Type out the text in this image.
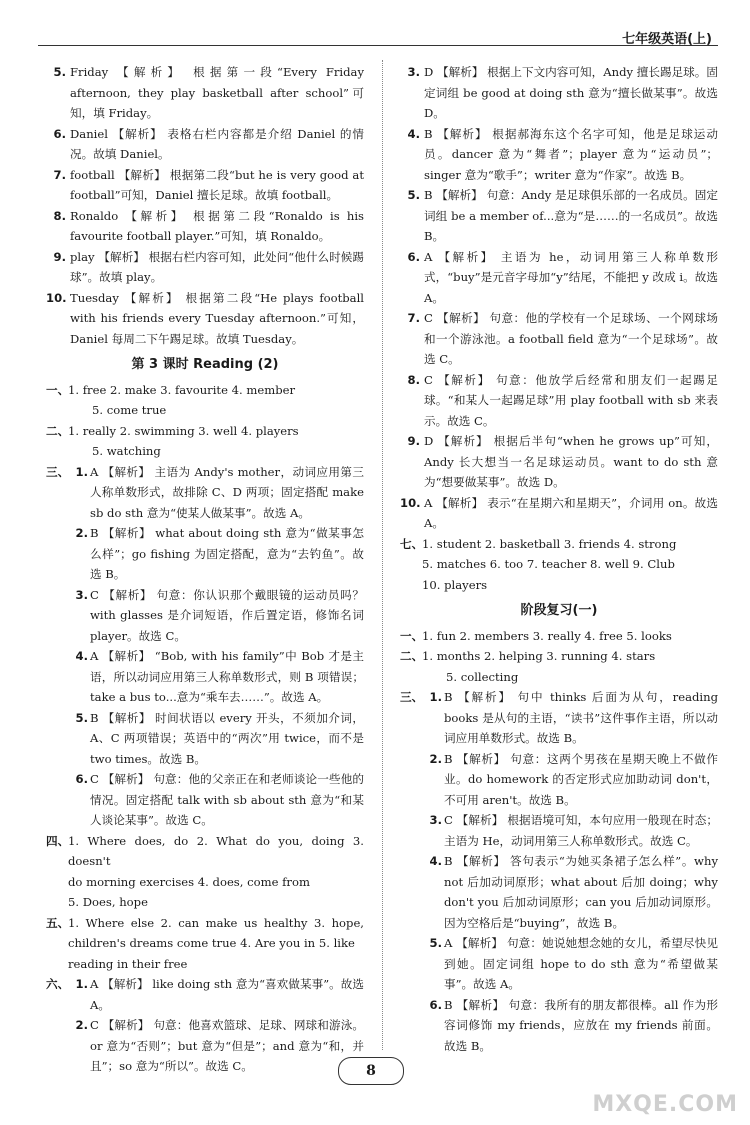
七年级英语(上)
5. Friday 【解析】 根据第一段“Every Friday afternoon, they play basketball after school”可知，填 Friday。
6. Daniel 【解析】 表格右栏内容都是介绍 Daniel 的情况。故填 Daniel。
7. football 【解析】 根据第二段“but he is very good at football”可知，Daniel 擅长足球。故填 football。
8. Ronaldo 【解析】 根据第二段“Ronaldo is his favourite football player.”可知，填 Ronaldo。
9. play 【解析】 根据右栏内容可知，此处问“他什么时候踢球”。故填 play。
10. Tuesday 【解析】 根据第二段“He plays football with his friends every Tuesday afternoon.”可知，Daniel 每周二下午踢足球。故填 Tuesday。
第 3 课时 Reading (2)
一、
1. free 2. make 3. favourite 4. member
5. come true
二、
1. really 2. swimming 3. well 4. players
5. watching
三、 1. A 【解析】 主语为 Andy's mother，动词应用第三人称单数形式，故排除 C、D 两项；固定搭配 make sb do sth 意为“使某人做某事”。故选 A。
2. B 【解析】 what about doing sth 意为“做某事怎么样”；go fishing 为固定搭配，意为“去钓鱼”。故选 B。
3. C 【解析】 句意：你认识那个戴眼镜的运动员吗？with glasses 是介词短语，作后置定语，修饰名词 player。故选 C。
4. A 【解析】 “Bob, with his family”中 Bob 才是主语，所以动词应用第三人称单数形式，则 B 项错误；take a bus to...意为“乘车去……”。故选 A。
5. B 【解析】 时间状语以 every 开头，不须加介词，A、C 两项错误；英语中的“两次”用 twice，而不是 two times。故选 B。
6. C 【解析】 句意：他的父亲正在和老师谈论一些他的情况。固定搭配 talk with sb about sth 意为“和某人谈论某事”。故选 C。
四、
1. Where does, do 2. What do you, doing 3. doesn't
do morning exercises 4. does, come from
5. Does, hope
五、
1. Where else 2. can make us healthy 3. hope, children's dreams come true 4. Are you in 5. like
reading in their free
六、 1. A 【解析】 like doing sth 意为“喜欢做某事”。故选 A。
2. C 【解析】 句意：他喜欢篮球、足球、网球和游泳。or 意为“否则”；but 意为“但是”；and 意为“和，并且”；so 意为“所以”。故选 C。
3. D 【解析】 根据上下文内容可知，Andy 擅长踢足球。固定词组 be good at doing sth 意为“擅长做某事”。故选 D。
4. B 【解析】 根据郝海东这个名字可知，他是足球运动员。dancer 意为“舞者”；player 意为“运动员”；singer 意为“歌手”；writer 意为“作家”。故选 B。
5. B 【解析】 句意：Andy 是足球俱乐部的一名成员。固定词组 be a member of...意为“是……的一名成员”。故选 B。
6. A 【解析】 主语为 he，动词用第三人称单数形式，“buy”是元音字母加“y”结尾，不能把 y 改成 i。故选 A。
7. C 【解析】 句意：他的学校有一个足球场、一个网球场和一个游泳池。a football field 意为“一个足球场”。故选 C。
8. C 【解析】 句意：他放学后经常和朋友们一起踢足球。“和某人一起踢足球”用 play football with sb 来表示。故选 C。
9. D 【解析】 根据后半句“when he grows up”可知，Andy 长大想当一名足球运动员。want to do sth 意为“想要做某事”。故选 D。
10. A 【解析】 表示“在星期六和星期天”，介词用 on。故选 A。
七、
1. student 2. basketball 3. friends 4. strong
5. matches 6. too 7. teacher 8. well 9. Club
10. players
阶段复习(一)
一、
1. fun 2. members 3. really 4. free 5. looks
二、
1. months 2. helping 3. running 4. stars
5. collecting
三、 1. B 【解析】 句中 thinks 后面为从句，reading books 是从句的主语，“读书”这件事作主语，所以动词应用单数形式。故选 B。
2. B 【解析】 句意：这两个男孩在星期天晚上不做作业。do homework 的否定形式应加助动词 don't，不可用 aren't。故选 B。
3. C 【解析】 根据语境可知，本句应用一般现在时态；主语为 He，动词用第三人称单数形式。故选 C。
4. B 【解析】 答句表示“为她买条裙子怎么样”。why not 后加动词原形；what about 后加 doing；why don't you 后加动词原形；can you 后加动词原形。因为空格后是“buying”，故选 B。
5. A 【解析】 句意：她说她想念她的女儿，希望尽快见到她。固定词组 hope to do sth 意为“希望做某事”。故选 A。
6. B 【解析】 句意：我所有的朋友都很棒。all 作为形容词修饰 my friends，应放在 my friends 前面。故选 B。
8
MXQE.COM
